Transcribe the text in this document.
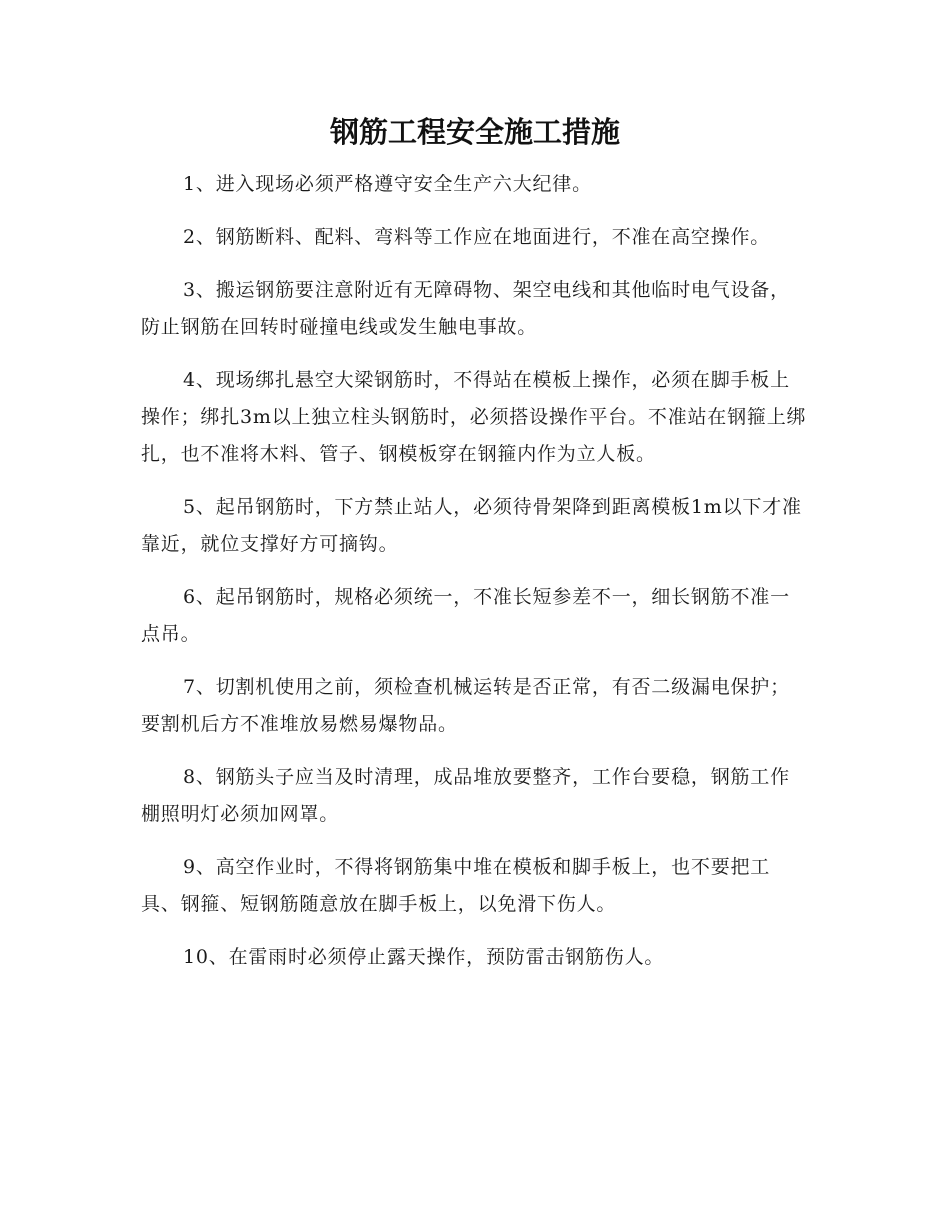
钢筋工程安全施工措施

1、进入现场必须严格遵守安全生产六大纪律。

2、钢筋断料、配料、弯料等工作应在地面进行，不准在高空操作。

3、搬运钢筋要注意附近有无障碍物、架空电线和其他临时电气设备，防止钢筋在回转时碰撞电线或发生触电事故。

4、现场绑扎悬空大梁钢筋时，不得站在模板上操作，必须在脚手板上操作；绑扎3m以上独立柱头钢筋时，必须搭设操作平台。不准站在钢箍上绑扎，也不准将木料、管子、钢模板穿在钢箍内作为立人板。

5、起吊钢筋时，下方禁止站人，必须待骨架降到距离模板1m以下才准靠近，就位支撑好方可摘钩。

6、起吊钢筋时，规格必须统一，不准长短参差不一，细长钢筋不准一点吊。

7、切割机使用之前，须检查机械运转是否正常，有否二级漏电保护；要割机后方不准堆放易燃易爆物品。

8、钢筋头子应当及时清理，成品堆放要整齐，工作台要稳，钢筋工作棚照明灯必须加网罩。

9、高空作业时，不得将钢筋集中堆在模板和脚手板上，也不要把工具、钢箍、短钢筋随意放在脚手板上，以免滑下伤人。

10、在雷雨时必须停止露天操作，预防雷击钢筋伤人。
